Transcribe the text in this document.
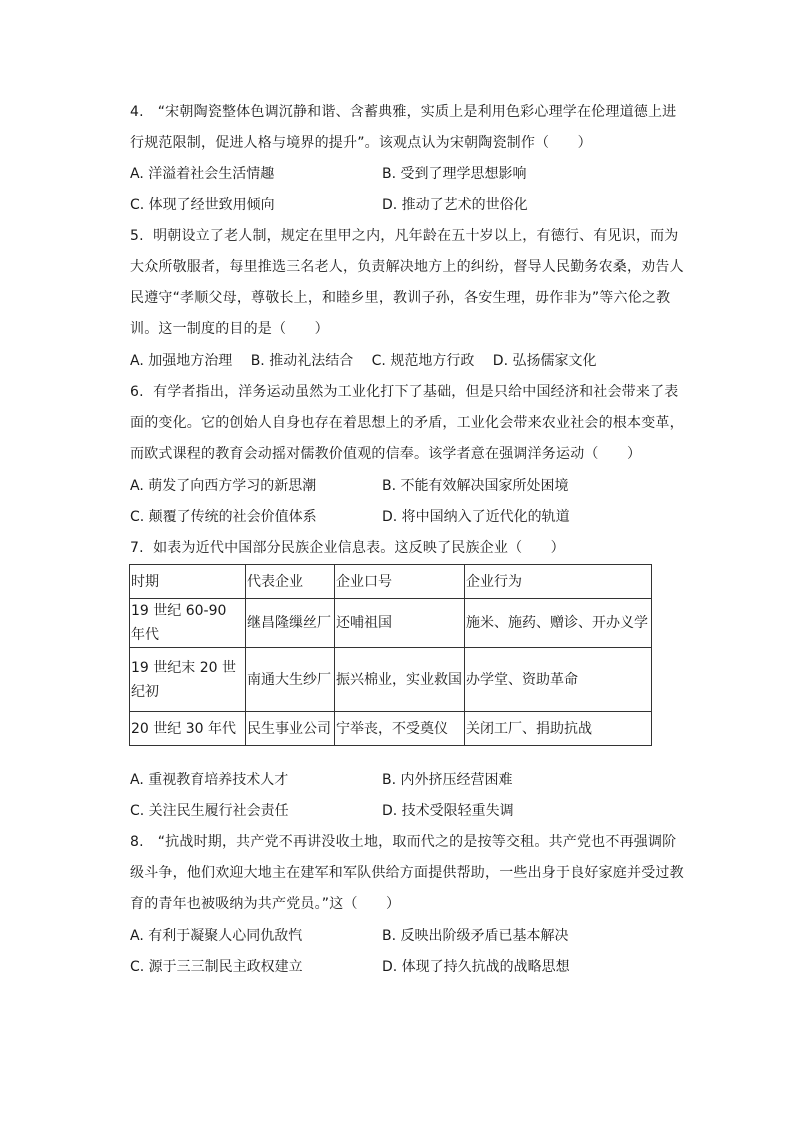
4. “宋朝陶瓷整体色调沉静和谐、含蓄典雅，实质上是利用色彩心理学在伦理道德上进行规范限制，促进人格与境界的提升”。该观点认为宋朝陶瓷制作（　　）
A. 洋溢着社会生活情趣	B. 受到了理学思想影响
C. 体现了经世致用倾向	D. 推动了艺术的世俗化
5. 明朝设立了老人制，规定在里甲之内，凡年龄在五十岁以上，有德行、有见识，而为大众所敬服者，每里推选三名老人，负责解决地方上的纠纷，督导人民勤务农桑，劝告人民遵守“孝顺父母，尊敬长上，和睦乡里，教训子孙，各安生理，毋作非为”等六伦之教训。这一制度的目的是（　　）
A. 加强地方治理 B. 推动礼法结合 C. 规范地方行政 D. 弘扬儒家文化
6. 有学者指出，洋务运动虽然为工业化打下了基础，但是只给中国经济和社会带来了表面的变化。它的创始人自身也存在着思想上的矛盾，工业化会带来农业社会的根本变革，而欧式课程的教育会动摇对儒教价值观的信奉。该学者意在强调洋务运动（　　）
A. 萌发了向西方学习的新思潮	B. 不能有效解决国家所处困境
C. 颠覆了传统的社会价值体系	D. 将中国纳入了近代化的轨道
7. 如表为近代中国部分民族企业信息表。这反映了民族企业（　　）
时期	代表企业	企业口号	企业行为
19 世纪 60-90 年代	继昌隆缫丝厂	还哺祖国	施米、施药、赠诊、开办义学
19 世纪末 20 世纪初	南通大生纱厂	振兴棉业，实业救国	办学堂、资助革命
20 世纪 30 年代	民生事业公司	宁举丧，不受奠仪	关闭工厂、捐助抗战
A. 重视教育培养技术人才	B. 内外挤压经营困难
C. 关注民生履行社会责任	D. 技术受限轻重失调
8. “抗战时期，共产党不再讲没收土地，取而代之的是按等交租。共产党也不再强调阶级斗争，他们欢迎大地主在建军和军队供给方面提供帮助，一些出身于良好家庭并受过教育的青年也被吸纳为共产党员。”这（　　）
A. 有利于凝聚人心同仇敌忾	B. 反映出阶级矛盾已基本解决
C. 源于三三制民主政权建立	D. 体现了持久抗战的战略思想
